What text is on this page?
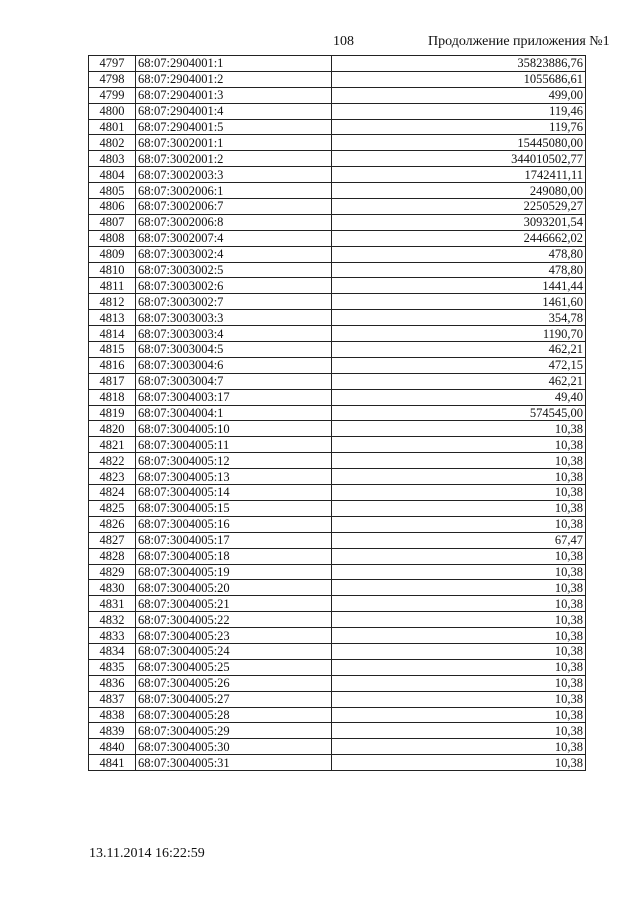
108	Продолжение приложения №1
4797	68:07:2904001:1	35823886,76
4798	68:07:2904001:2	1055686,61
4799	68:07:2904001:3	499,00
4800	68:07:2904001:4	119,46
4801	68:07:2904001:5	119,76
4802	68:07:3002001:1	15445080,00
4803	68:07:3002001:2	344010502,77
4804	68:07:3002003:3	1742411,11
4805	68:07:3002006:1	249080,00
4806	68:07:3002006:7	2250529,27
4807	68:07:3002006:8	3093201,54
4808	68:07:3002007:4	2446662,02
4809	68:07:3003002:4	478,80
4810	68:07:3003002:5	478,80
4811	68:07:3003002:6	1441,44
4812	68:07:3003002:7	1461,60
4813	68:07:3003003:3	354,78
4814	68:07:3003003:4	1190,70
4815	68:07:3003004:5	462,21
4816	68:07:3003004:6	472,15
4817	68:07:3003004:7	462,21
4818	68:07:3004003:17	49,40
4819	68:07:3004004:1	574545,00
4820	68:07:3004005:10	10,38
4821	68:07:3004005:11	10,38
4822	68:07:3004005:12	10,38
4823	68:07:3004005:13	10,38
4824	68:07:3004005:14	10,38
4825	68:07:3004005:15	10,38
4826	68:07:3004005:16	10,38
4827	68:07:3004005:17	67,47
4828	68:07:3004005:18	10,38
4829	68:07:3004005:19	10,38
4830	68:07:3004005:20	10,38
4831	68:07:3004005:21	10,38
4832	68:07:3004005:22	10,38
4833	68:07:3004005:23	10,38
4834	68:07:3004005:24	10,38
4835	68:07:3004005:25	10,38
4836	68:07:3004005:26	10,38
4837	68:07:3004005:27	10,38
4838	68:07:3004005:28	10,38
4839	68:07:3004005:29	10,38
4840	68:07:3004005:30	10,38
4841	68:07:3004005:31	10,38
13.11.2014 16:22:59
